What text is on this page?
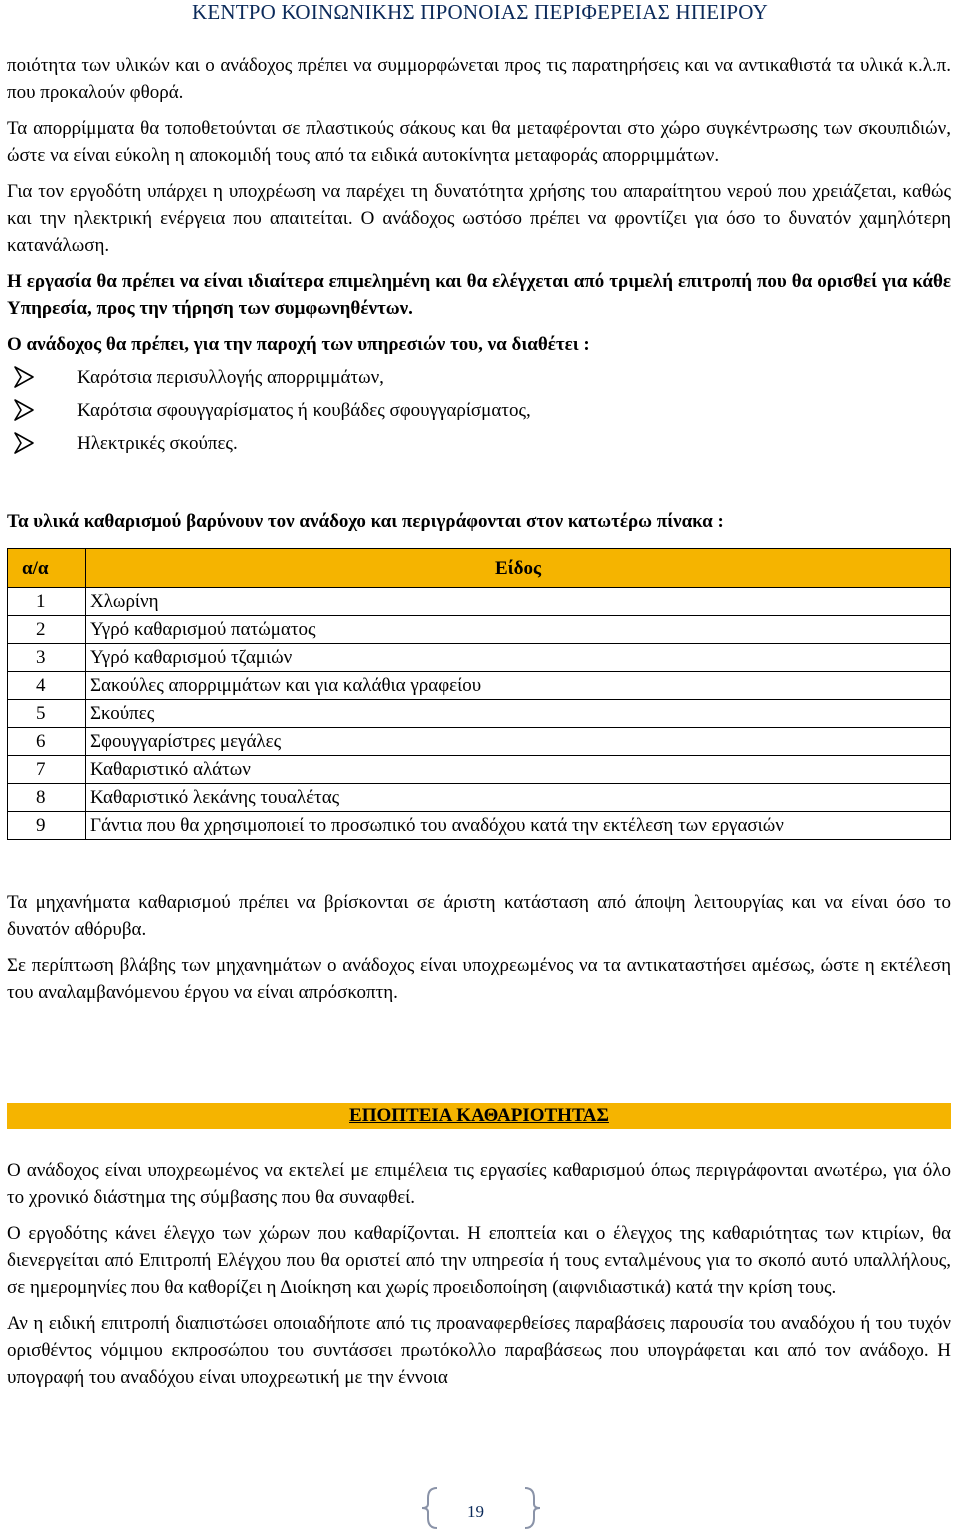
ΚΕΝΤΡΟ ΚΟΙΝΩΝΙΚΗΣ ΠΡΟΝΟΙΑΣ ΠΕΡΙΦΕΡΕΙΑΣ ΗΠΕΙΡΟΥ

ποιότητα των υλικών και ο ανάδοχος πρέπει να συμμορφώνεται προς τις παρατηρήσεις και να αντικαθιστά τα υλικά κ.λ.π. που προκαλούν φθορά.

Τα απορρίμματα θα τοποθετούνται σε πλαστικούς σάκους και θα μεταφέρονται στο χώρο συγκέντρωσης των σκουπιδιών, ώστε να είναι εύκολη η αποκομιδή τους από τα ειδικά αυτοκίνητα μεταφοράς απορριμμάτων.

Για τον εργοδότη υπάρχει η υποχρέωση να παρέχει τη δυνατότητα χρήσης του απαραίτητου νερού που χρειάζεται, καθώς και την ηλεκτρική ενέργεια που απαιτείται. Ο ανάδοχος ωστόσο πρέπει να φροντίζει για όσο το δυνατόν χαμηλότερη κατανάλωση.

Η εργασία θα πρέπει να είναι ιδιαίτερα επιμελημένη και θα ελέγχεται από τριμελή επιτροπή που θα ορισθεί για κάθε Υπηρεσία, προς την τήρηση των συμφωνηθέντων.

Ο ανάδοχος θα πρέπει, για την παροχή των υπηρεσιών του, να διαθέτει :

Καρότσια περισυλλογής απορριμμάτων,
Καρότσια σφουγγαρίσματος ή κουβάδες σφουγγαρίσματος,
Ηλεκτρικές σκούπες.
Τα υλικά καθαρισμού βαρύνουν τον ανάδοχο και περιγράφονται στον κατωτέρω πίνακα :
α/α	Είδος
1	Χλωρίνη
2	Υγρό καθαρισμού πατώματος
3	Υγρό καθαρισμού τζαμιών
4	Σακούλες απορριμμάτων και για καλάθια γραφείου
5	Σκούπες
6	Σφουγγαρίστρες μεγάλες
7	Καθαριστικό αλάτων
8	Καθαριστικό λεκάνης τουαλέτας
9	Γάντια που θα χρησιμοποιεί το προσωπικό του αναδόχου κατά την εκτέλεση των εργασιών

Τα μηχανήματα καθαρισμού πρέπει να βρίσκονται σε άριστη κατάσταση από άποψη λειτουργίας και να είναι όσο το δυνατόν αθόρυβα.

Σε περίπτωση βλάβης των μηχανημάτων ο ανάδοχος είναι υποχρεωμένος να τα αντικαταστήσει αμέσως, ώστε η εκτέλεση του αναλαμβανόμενου έργου να είναι απρόσκοπτη.

ΕΠΟΠΤΕΙΑ ΚΑΘΑΡΙΟΤΗΤΑΣ

Ο ανάδοχος είναι υποχρεωμένος να εκτελεί με επιμέλεια τις εργασίες καθαρισμού όπως περιγράφονται ανωτέρω, για όλο το χρονικό διάστημα της σύμβασης που θα συναφθεί.

Ο εργοδότης κάνει έλεγχο των χώρων που καθαρίζονται. Η εποπτεία και ο έλεγχος της καθαριότητας των κτιρίων, θα διενεργείται από Επιτροπή Ελέγχου που θα οριστεί από την υπηρεσία ή τους ενταλμένους για το σκοπό αυτό υπαλλήλους, σε ημερομηνίες που θα καθορίζει η Διοίκηση και χωρίς προειδοποίηση (αιφνιδιαστικά) κατά την κρίση τους.

Αν η ειδική επιτροπή διαπιστώσει οποιαδήποτε από τις προαναφερθείσες παραβάσεις παρουσία του αναδόχου ή του τυχόν ορισθέντος νόμιμου εκπροσώπου του συντάσσει πρωτόκολλο παραβάσεως που υπογράφεται και από τον ανάδοχο. Η υπογραφή του αναδόχου είναι υποχρεωτική με την έννοια

19
